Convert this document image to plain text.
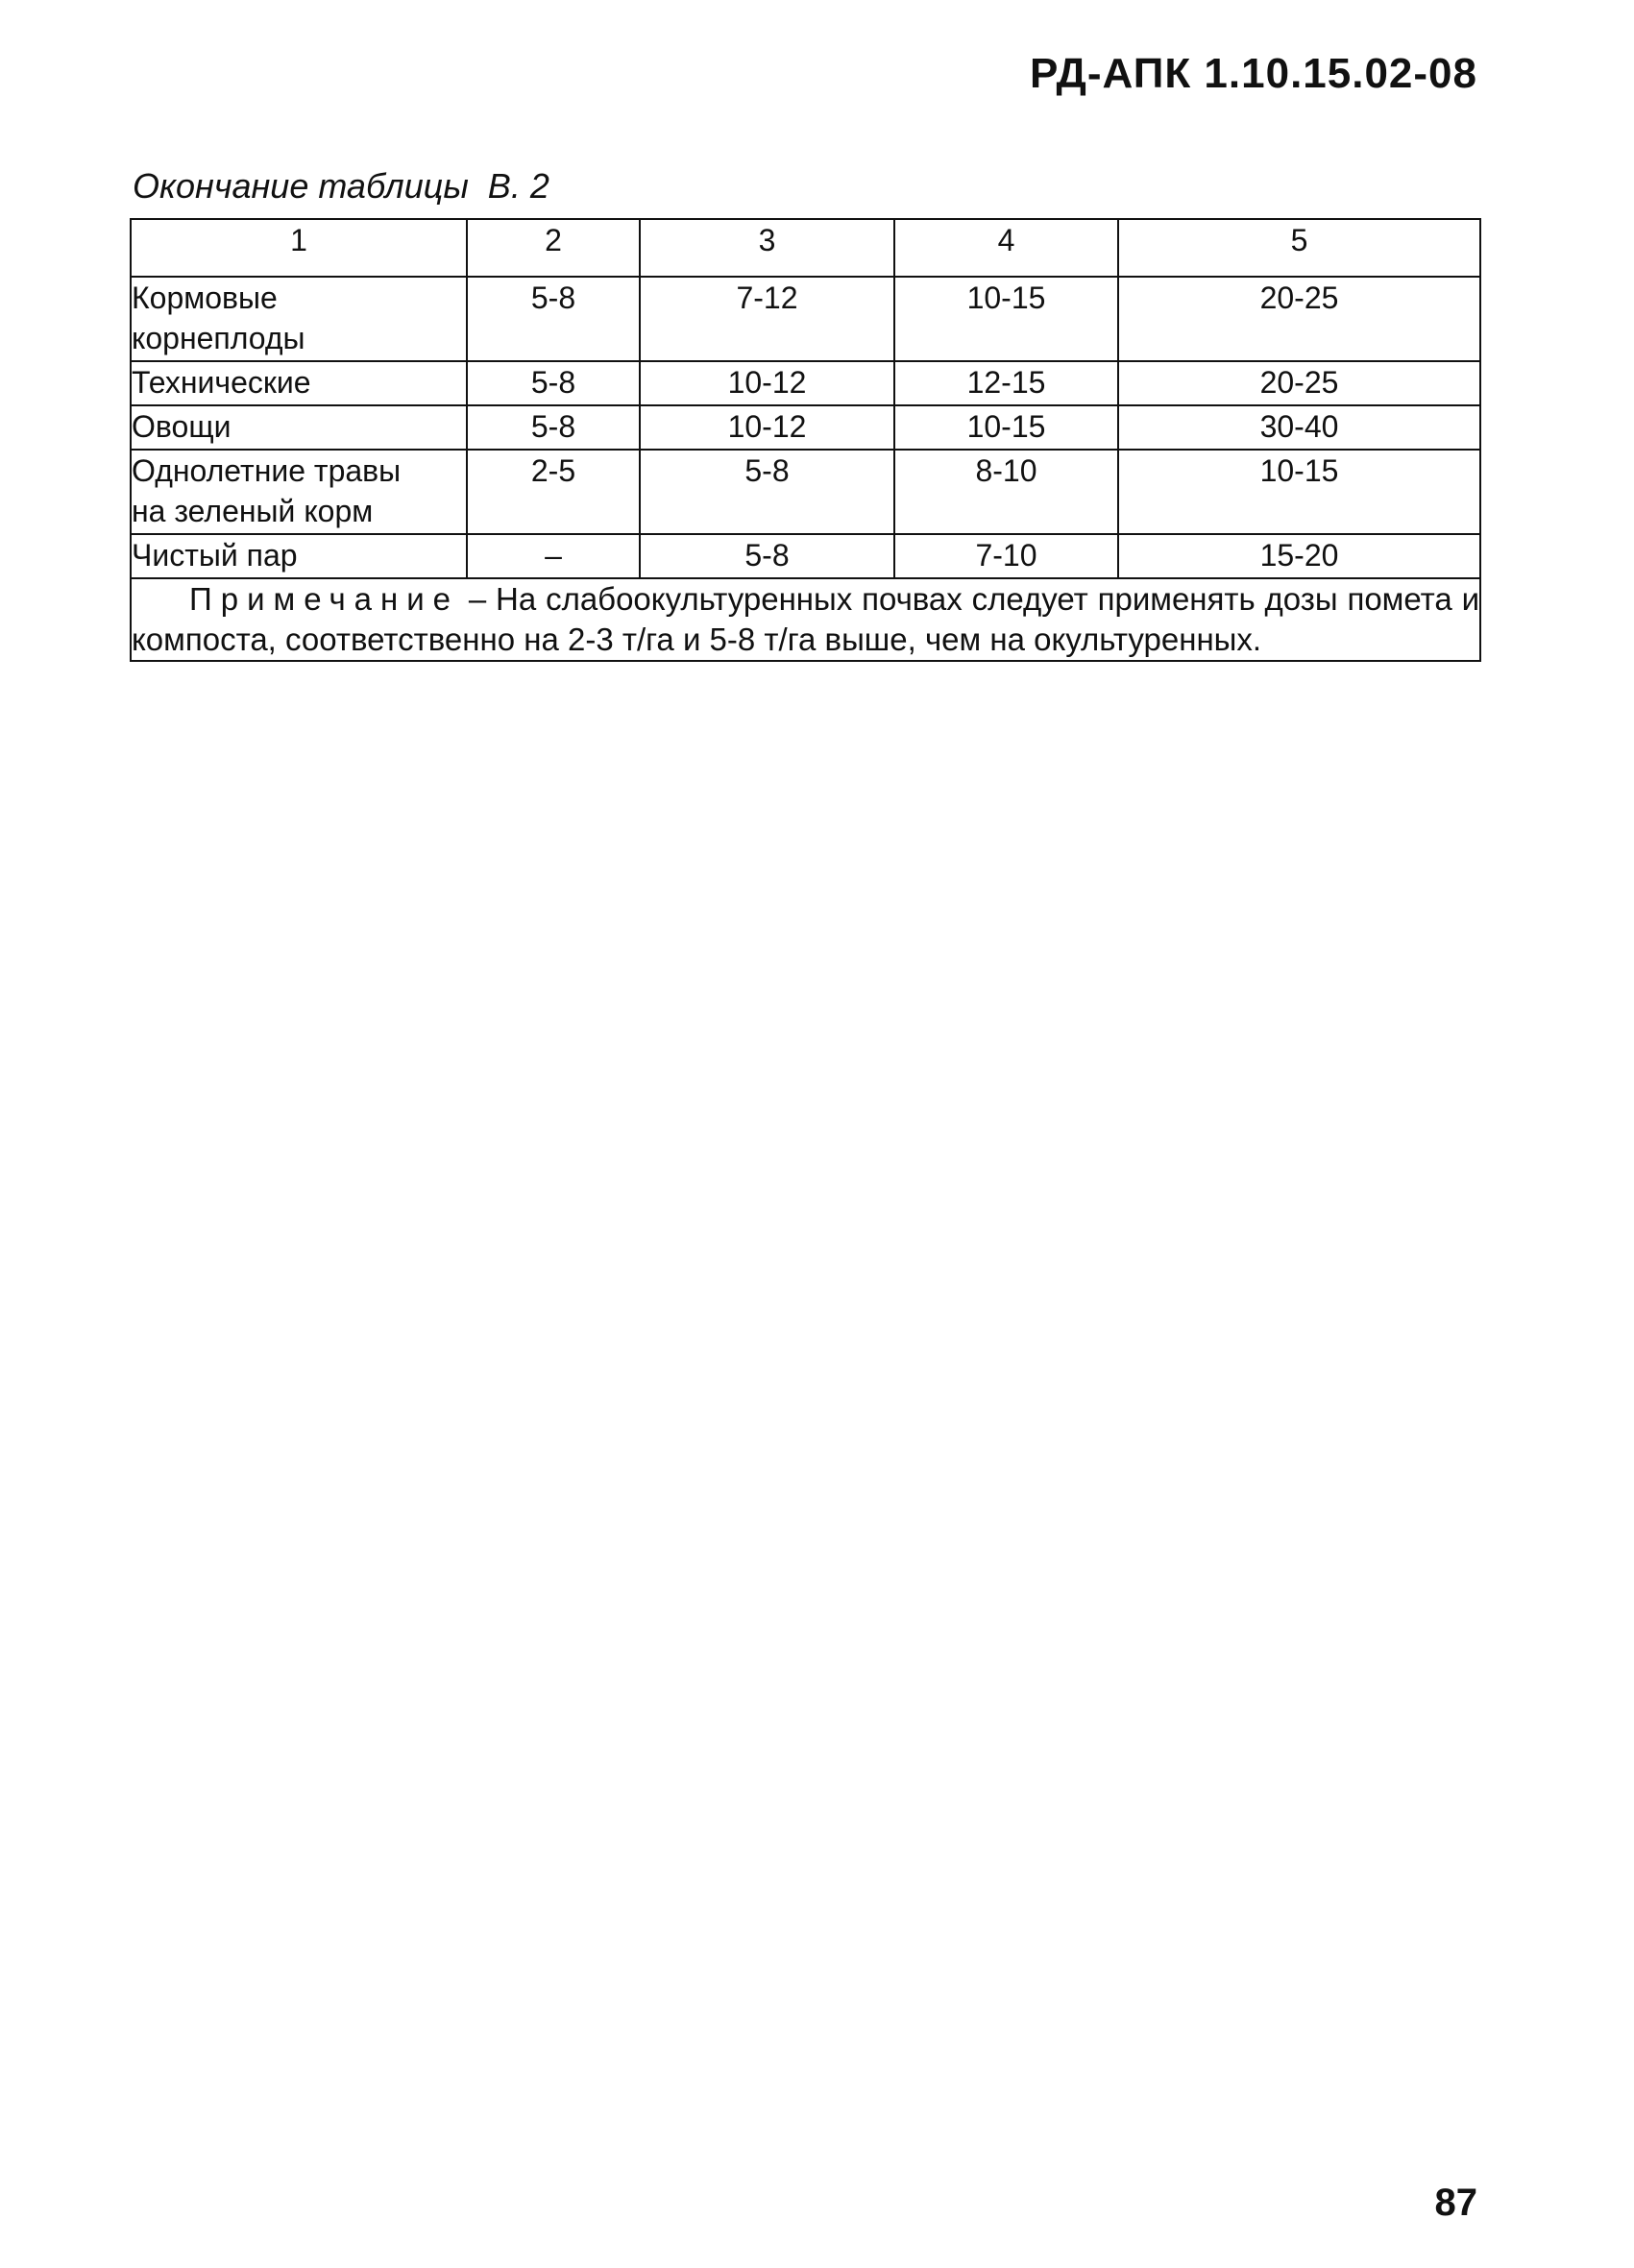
РД-АПК 1.10.15.02-08
Окончание таблицы  В. 2
1	2	3	4	5

Кормовые
корнеплоды	5-8	7-12	10-15	20-25

Технические	5-8	10-12	12-15	20-25

Овощи	5-8	10-12	10-15	30-40

Однолетние травы
на зеленый корм	2-5	5-8	8-10	10-15

Чистый пар	–	5-8	7-10	15-20
Примечание – На слабоокультуренных почвах следует применять дозы помета и компоста, соответственно на 2-3 т/га и 5-8 т/га выше, чем на окультуренных.				
87
